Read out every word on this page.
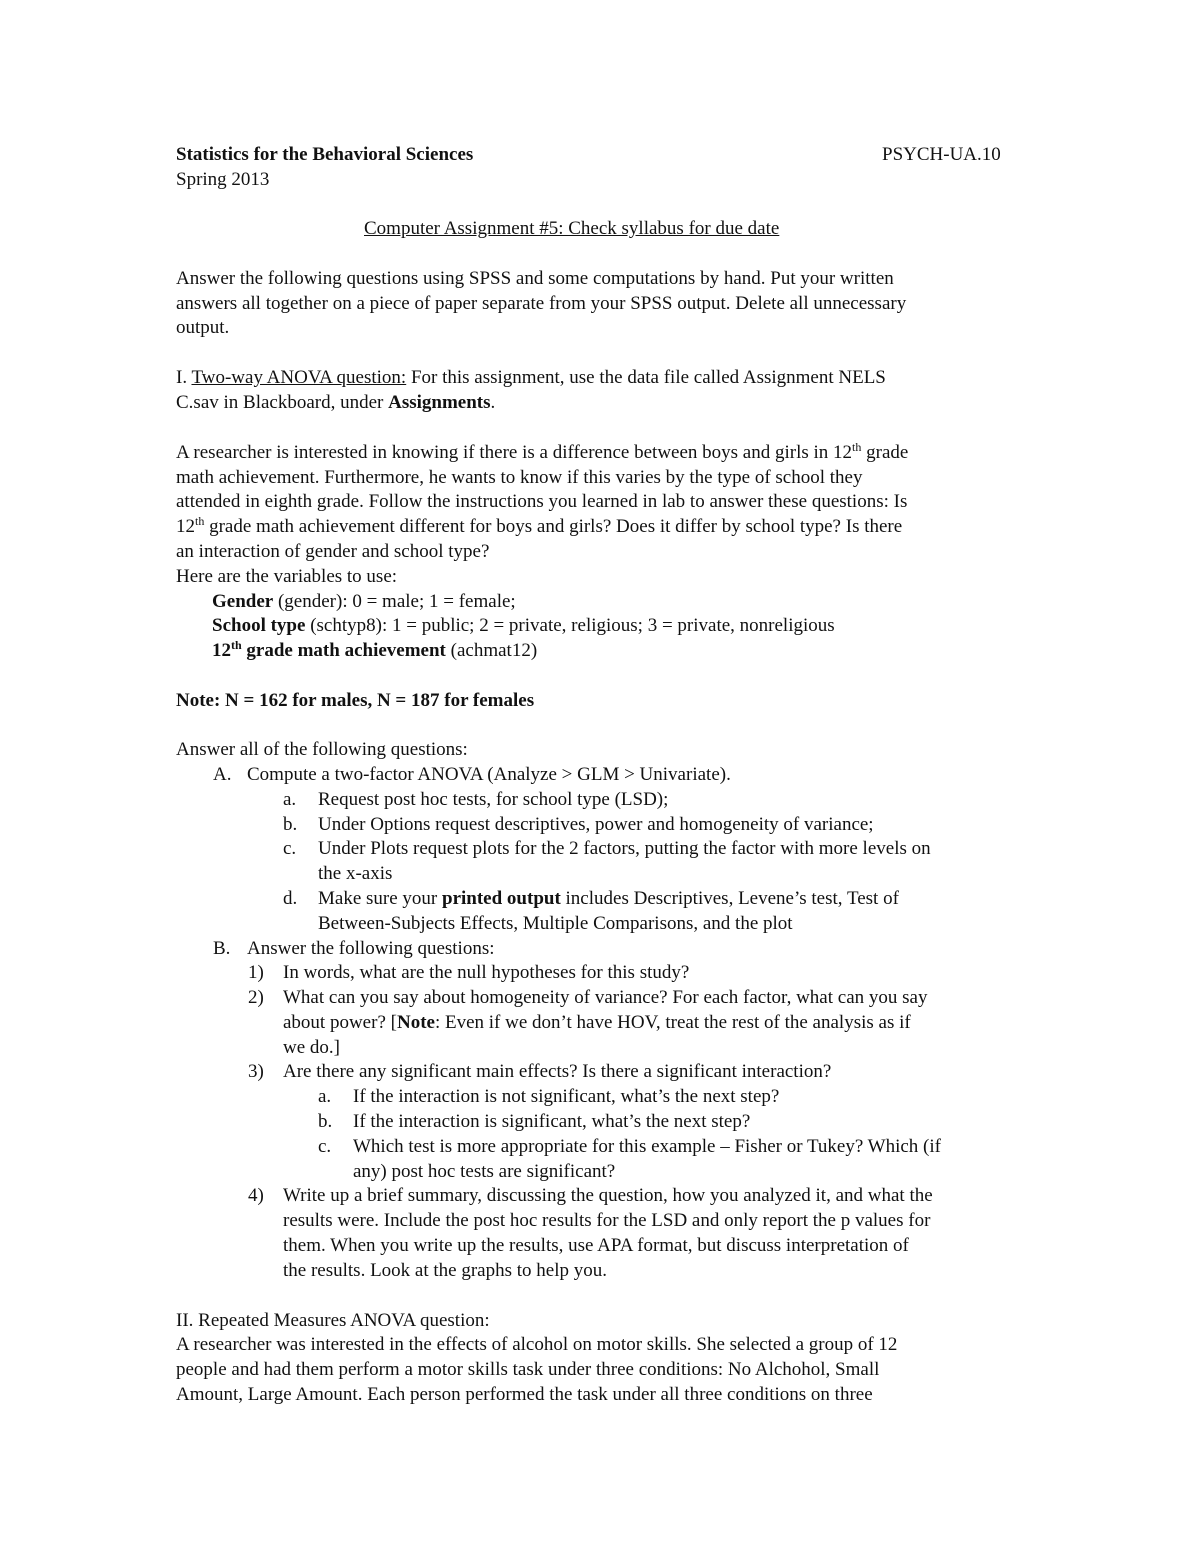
Statistics for the Behavioral Sciences	PSYCH-UA.10
Spring 2013
Computer Assignment #5: Check syllabus for due date
Answer the following questions using SPSS and some computations by hand. Put your written
answers all together on a piece of paper separate from your SPSS output. Delete all unnecessary
output.
I. Two-way ANOVA question: For this assignment, use the data file called Assignment NELS
C.sav in Blackboard, under Assignments.
A researcher is interested in knowing if there is a difference between boys and girls in 12th grade
math achievement. Furthermore, he wants to know if this varies by the type of school they
attended in eighth grade. Follow the instructions you learned in lab to answer these questions: Is
12th grade math achievement different for boys and girls? Does it differ by school type? Is there
an interaction of gender and school type?
Here are the variables to use:
Gender (gender): 0 = male; 1 = female;
School type (schtyp8): 1 = public; 2 = private, religious; 3 = private, nonreligious
12th grade math achievement (achmat12)
Note: N = 162 for males, N = 187 for females
Answer all of the following questions:
A. Compute a two-factor ANOVA (Analyze > GLM > Univariate).
a. Request post hoc tests, for school type (LSD);
b. Under Options request descriptives, power and homogeneity of variance;
c. Under Plots request plots for the 2 factors, putting the factor with more levels on
the x-axis
d. Make sure your printed output includes Descriptives, Levene’s test, Test of
Between-Subjects Effects, Multiple Comparisons, and the plot
B. Answer the following questions:
1) In words, what are the null hypotheses for this study?
2) What can you say about homogeneity of variance? For each factor, what can you say
about power? [Note: Even if we don’t have HOV, treat the rest of the analysis as if
we do.]
3) Are there any significant main effects? Is there a significant interaction?
a. If the interaction is not significant, what’s the next step?
b. If the interaction is significant, what’s the next step?
c. Which test is more appropriate for this example – Fisher or Tukey? Which (if
any) post hoc tests are significant?
4) Write up a brief summary, discussing the question, how you analyzed it, and what the
results were. Include the post hoc results for the LSD and only report the p values for
them. When you write up the results, use APA format, but discuss interpretation of
the results. Look at the graphs to help you.
II. Repeated Measures ANOVA question:
A researcher was interested in the effects of alcohol on motor skills. She selected a group of 12
people and had them perform a motor skills task under three conditions: No Alchohol, Small
Amount, Large Amount. Each person performed the task under all three conditions on three
